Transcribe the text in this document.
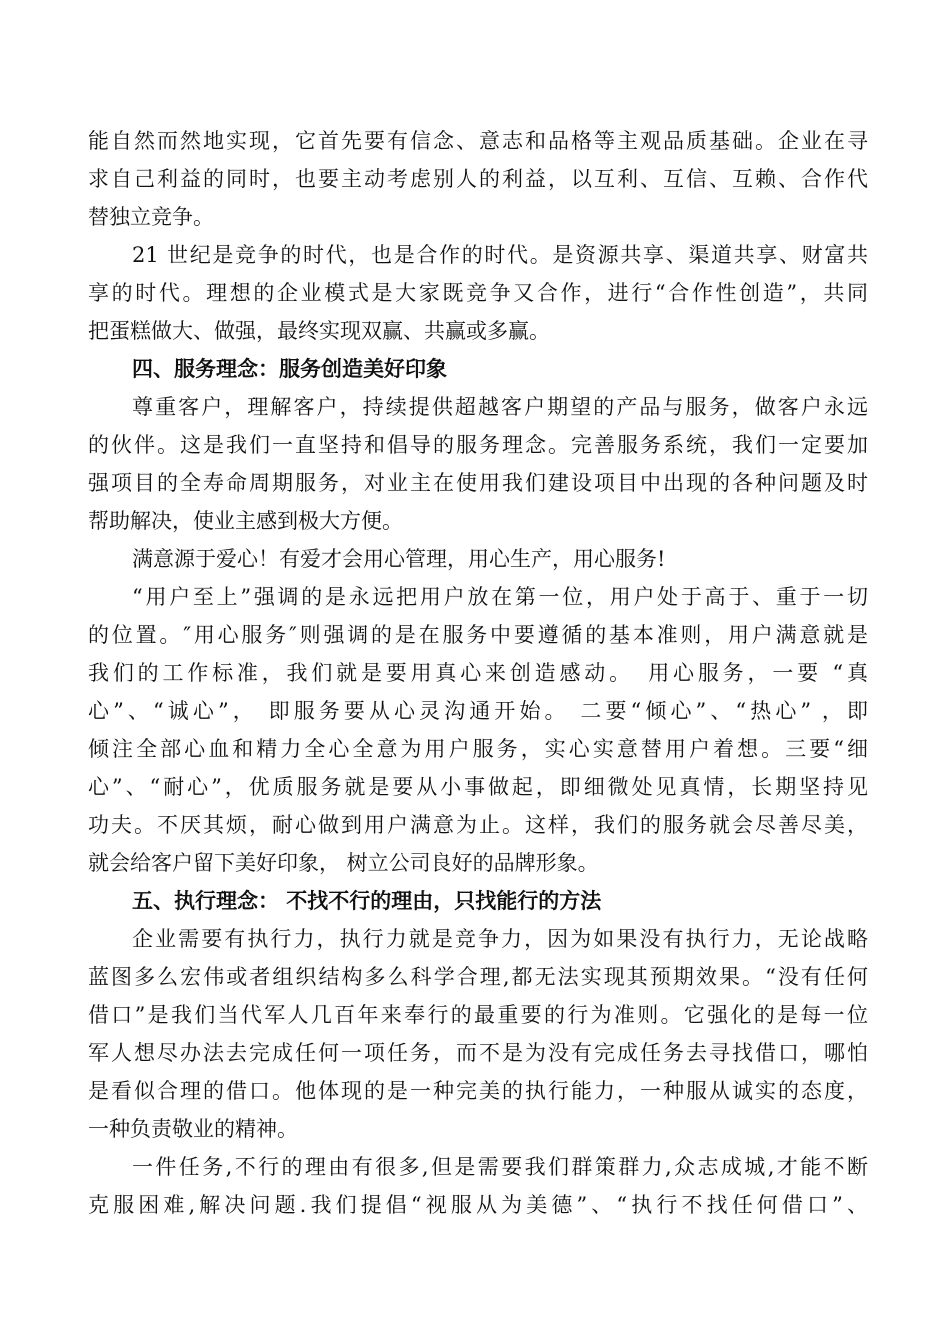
能自然而然地实现，它首先要有信念、意志和品格等主观品质基础。企业在寻
求自己利益的同时，也要主动考虑别人的利益，以互利、互信、互赖、合作代
替独立竞争。
21 世纪是竞争的时代，也是合作的时代。是资源共享、渠道共享、财富共
享的时代。理想的企业模式是大家既竞争又合作，进行“合作性创造”，共同
把蛋糕做大、做强，最终实现双赢、共赢或多赢。
四、服务理念：服务创造美好印象
尊重客户，理解客户，持续提供超越客户期望的产品与服务，做客户永远
的伙伴。这是我们一直坚持和倡导的服务理念。完善服务系统，我们一定要加
强项目的全寿命周期服务，对业主在使用我们建设项目中出现的各种问题及时
帮助解决，使业主感到极大方便。
满意源于爱心！有爱才会用心管理，用心生产，用心服务!
“用户至上”强调的是永远把用户放在第一位，用户处于高于、重于一切
的位置。″用心服务″则强调的是在服务中要遵循的基本准则，用户满意就是
我们的工作标准，我们就是要用真心来创造感动。　用心服务，一要 “真
心”、“诚心”， 即服务要从心灵沟通开始。 二要“倾心”、“热心” ，即
倾注全部心血和精力全心全意为用户服务，实心实意替用户着想。三要“细
心”、“耐心”，优质服务就是要从小事做起，即细微处见真情，长期坚持见
功夫。不厌其烦，耐心做到用户满意为止。这样，我们的服务就会尽善尽美，
就会给客户留下美好印象， 树立公司良好的品牌形象。
五、执行理念： 不找不行的理由，只找能行的方法
企业需要有执行力，执行力就是竞争力，因为如果没有执行力，无论战略
蓝图多么宏伟或者组织结构多么科学合理,都无法实现其预期效果。“没有任何
借口”是我们当代军人几百年来奉行的最重要的行为准则。它强化的是每一位
军人想尽办法去完成任何一项任务，而不是为没有完成任务去寻找借口，哪怕
是看似合理的借口。他体现的是一种完美的执行能力，一种服从诚实的态度，
一种负责敬业的精神。
一件任务,不行的理由有很多,但是需要我们群策群力,众志成城,才能不断
克服困难,解决问题.我们提倡“视服从为美德”、“执行不找任何借口”、
